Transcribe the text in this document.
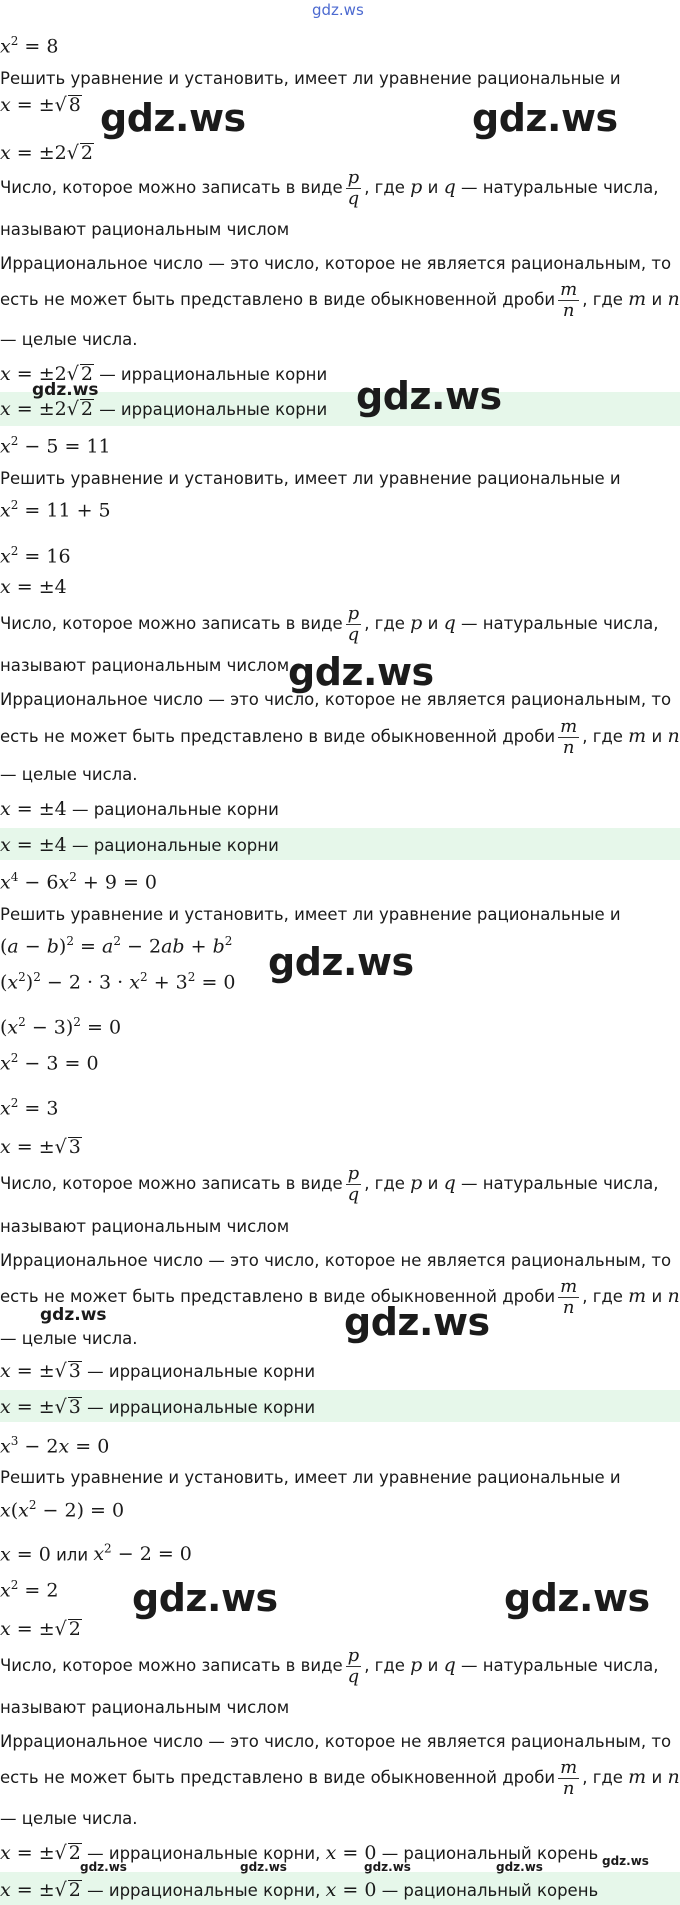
gdz.ws
$x^2 = 8$
Решить уравнение и установить, имеет ли уравнение рациональные и
x = ±√ 8
x = ±2√ 2
Число, которое можно записать в виде $\frac{p}{q}$ , где p и q — натуральные числа,
называют рациональным числом
Иррациональное число — это число, которое не является рациональным, то
есть не может быть представлено в виде обыкновенной дроби $\frac{m}{n}$ , где m и n
— целые числа.
x = ±2√ 2 — иррациональные корни
x = ±2√ 2 — иррациональные корни
$x^2 - 5 = 11$
Решить уравнение и установить, имеет ли уравнение рациональные и
$x^2 = 11 + 5$
$x^2 = 16$
x = ±4
Число, которое можно записать в виде $\frac{p}{q}$ , где p и q — натуральные числа,
называют рациональным числом
Иррациональное число — это число, которое не является рациональным, то
есть не может быть представлено в виде обыкновенной дроби $\frac{m}{n}$ , где m и n
— целые числа.
x = ±4 — рациональные корни
x = ±4 — рациональные корни
$x^4 - 6x^2 + 9 = 0$
Решить уравнение и установить, имеет ли уравнение рациональные и
$(a - b)^2 = a^2 - 2ab + b^2$
$(x^2)^2 - 2 \cdot 3 \cdot x^2 + 3^2 = 0$
$(x^2 - 3)^2 = 0$
$x^2 - 3 = 0$
$x^2 = 3$
x = ±√ 3
Число, которое можно записать в виде $\frac{p}{q}$ , где p и q — натуральные числа,
называют рациональным числом
Иррациональное число — это число, которое не является рациональным, то
есть не может быть представлено в виде обыкновенной дроби $\frac{m}{n}$ , где m и n
— целые числа.
x = ±√ 3 — иррациональные корни
x = ±√ 3 — иррациональные корни
$x^3 - 2x = 0$
Решить уравнение и установить, имеет ли уравнение рациональные и
$x(x^2 - 2) = 0$
x = 0 или $x^2 - 2 = 0$
$x^2 = 2$
x = ±√ 2
Число, которое можно записать в виде $\frac{p}{q}$ , где p и q — натуральные числа,
называют рациональным числом
Иррациональное число — это число, которое не является рациональным, то
есть не может быть представлено в виде обыкновенной дроби $\frac{m}{n}$ , где m и n
— целые числа.
x = ±√ 2 — иррациональные корни, x = 0 — рациональный корень
x = ±√ 2 — иррациональные корни, x = 0 — рациональный корень
gdz.ws	gdz.ws
gdz.ws	gdz.ws
gdz.ws
gdz.ws
gdz.ws	gdz.ws
gdz.ws	gdz.ws
gdz.ws	gdz.ws	gdz.ws	gdz.ws	gdz.ws
